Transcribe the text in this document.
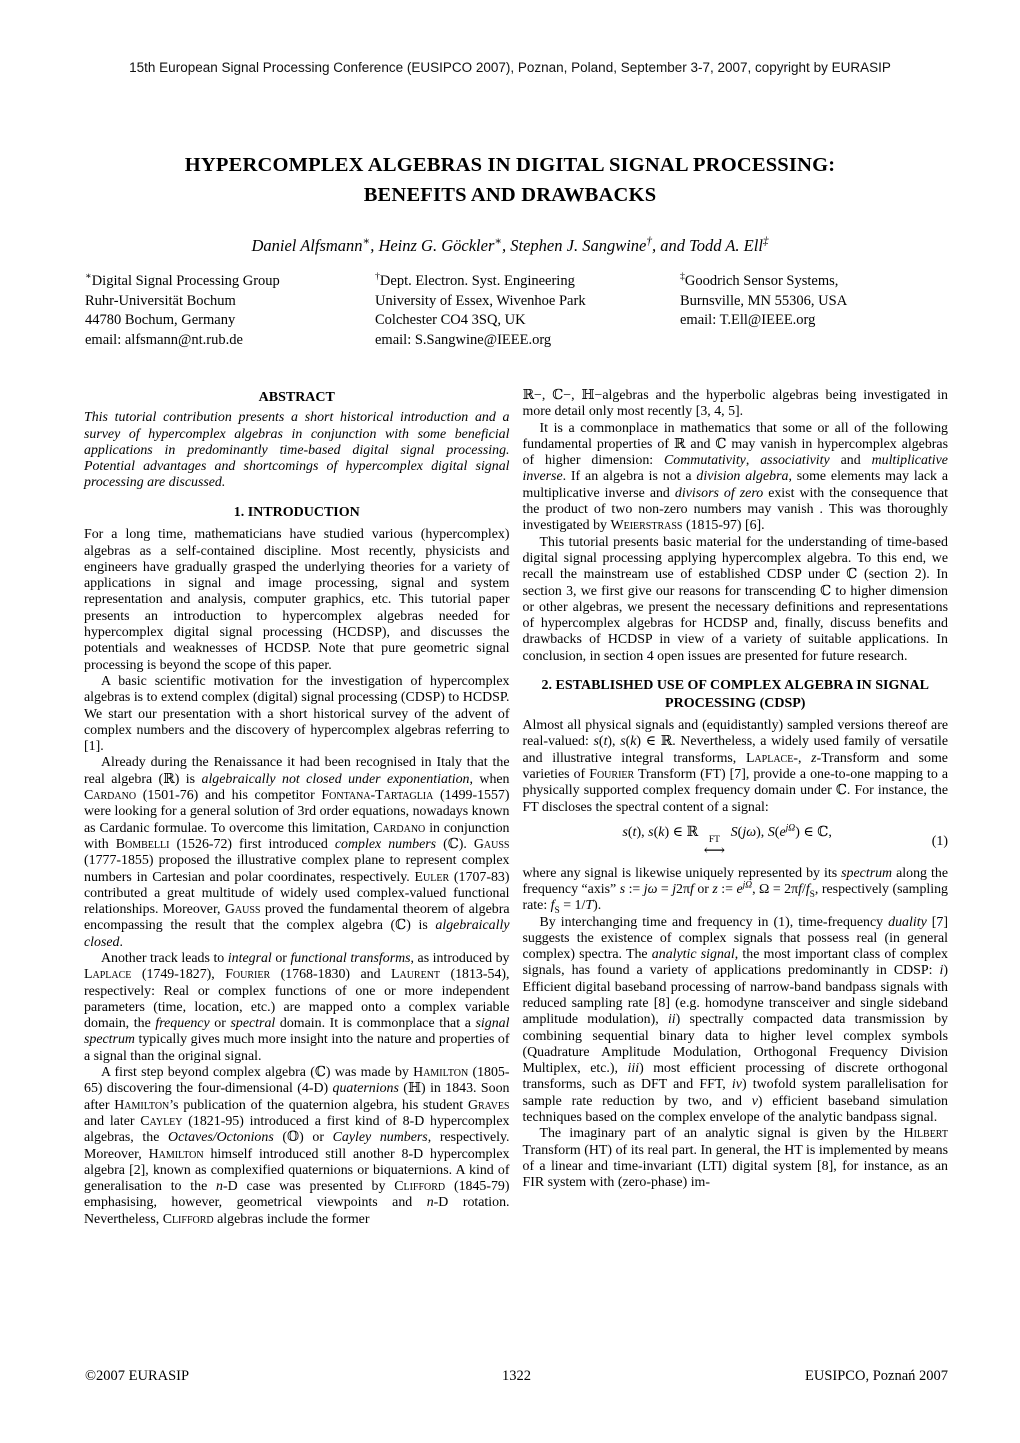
15th European Signal Processing Conference (EUSIPCO 2007), Poznan, Poland, September 3-7, 2007, copyright by EURASIP
HYPERCOMPLEX ALGEBRAS IN DIGITAL SIGNAL PROCESSING:
BENEFITS AND DRAWBACKS
Daniel Alfsmann∗, Heinz G. Göckler∗, Stephen J. Sangwine†, and Todd A. Ell‡
∗Digital Signal Processing Group
Ruhr-Universität Bochum
44780 Bochum, Germany
email: alfsmann@nt.rub.de
†Dept. Electron. Syst. Engineering
University of Essex, Wivenhoe Park
Colchester CO4 3SQ, UK
email: S.Sangwine@IEEE.org
‡Goodrich Sensor Systems,
Burnsville, MN 55306, USA
email: T.Ell@IEEE.org
ABSTRACT

This tutorial contribution presents a short historical introduction and a survey of hypercomplex algebras in conjunction with some beneficial applications in predominantly time-based digital signal processing. Potential advantages and shortcomings of hypercomplex digital signal processing are discussed.

1. INTRODUCTION

For a long time, mathematicians have studied various (hypercomplex) algebras as a self-contained discipline. Most recently, physicists and engineers have gradually grasped the underlying theories for a variety of applications in signal and image processing, signal and system representation and analysis, computer graphics, etc. This tutorial paper presents an introduction to hypercomplex algebras needed for hypercomplex digital signal processing (HCDSP), and discusses the potentials and weaknesses of HCDSP. Note that pure geometric signal processing is beyond the scope of this paper.

A basic scientific motivation for the investigation of hypercomplex algebras is to extend complex (digital) signal processing (CDSP) to HCDSP. We start our presentation with a short historical survey of the advent of complex numbers and the discovery of hypercomplex algebras referring to [1].

Already during the Renaissance it had been recognised in Italy that the real algebra (ℝ) is algebraically not closed under exponentiation, when Cardano (1501-76) and his competitor Fontana-Tartaglia (1499-1557) were looking for a general solution of 3rd order equations, nowadays known as Cardanic formulae. To overcome this limitation, Cardano in conjunction with Bombelli (1526-72) first introduced complex numbers (ℂ). Gauss (1777-1855) proposed the illustrative complex plane to represent complex numbers in Cartesian and polar coordinates, respectively. Euler (1707-83) contributed a great multitude of widely used complex-valued functional relationships. Moreover, Gauss proved the fundamental theorem of algebra encompassing the result that the complex algebra (ℂ) is algebraically closed.

Another track leads to integral or functional transforms, as introduced by Laplace (1749-1827), Fourier (1768-1830) and Laurent (1813-54), respectively: Real or complex functions of one or more independent parameters (time, location, etc.) are mapped onto a complex variable domain, the frequency or spectral domain. It is commonplace that a signal spectrum typically gives much more insight into the nature and properties of a signal than the original signal.

A first step beyond complex algebra (ℂ) was made by Hamilton (1805-65) discovering the four-dimensional (4-D) quaternions (ℍ) in 1843. Soon after Hamilton’s publication of the quaternion algebra, his student Graves and later Cayley (1821-95) introduced a first kind of 8-D hypercomplex algebras, the Octaves/Octonions (𝕆) or Cayley numbers, respectively. Moreover, Hamilton himself introduced still another 8-D hypercomplex algebra [2], known as complexified quaternions or biquaternions. A kind of generalisation to the n-D case was presented by Clifford (1845-79) emphasising, however, geometrical viewpoints and n-D rotation. Nevertheless, Clifford algebras include the former

ℝ−, ℂ−, ℍ−algebras and the hyperbolic algebras being investigated in more detail only most recently [3, 4, 5].

It is a commonplace in mathematics that some or all of the following fundamental properties of ℝ and ℂ may vanish in hypercomplex algebras of higher dimension: Commutativity, associativity and multiplicative inverse. If an algebra is not a division algebra, some elements may lack a multiplicative inverse and divisors of zero exist with the consequence that the product of two non-zero numbers may vanish . This was thoroughly investigated by Weierstrass (1815-97) [6].

This tutorial presents basic material for the understanding of time-based digital signal processing applying hypercomplex algebra. To this end, we recall the mainstream use of established CDSP under ℂ (section 2). In section 3, we first give our reasons for transcending ℂ to higher dimension or other algebras, we present the necessary definitions and representations of hypercomplex algebras for HCDSP and, finally, discuss benefits and drawbacks of HCDSP in view of a variety of suitable applications. In conclusion, in section 4 open issues are presented for future research.

2. ESTABLISHED USE OF COMPLEX ALGEBRA IN SIGNAL PROCESSING (CDSP)

Almost all physical signals and (equidistantly) sampled versions thereof are real-valued: s(t), s(k) ∈ ℝ. Nevertheless, a widely used family of versatile and illustrative integral transforms, Laplace-, z-Transform and some varieties of Fourier Transform (FT) [7], provide a one-to-one mapping to a physically supported complex frequency domain under ℂ. For instance, the FT discloses the spectral content of a signal:

s(t), s(k) ∈ ℝ
FT
⟷
S(jω), $S(e^{j\Omega})$ ∈ ℂ,
(1)

where any signal is likewise uniquely represented by its spectrum along the frequency “axis” s := jω = j2πf or z := $e^{j\Omega}$, $\Omega = 2\pi f/f_S$, respectively (sampling rate: $f_S = 1/T$).

By interchanging time and frequency in (1), time-frequency duality [7] suggests the existence of complex signals that possess real (in general complex) spectra. The analytic signal, the most important class of complex signals, has found a variety of applications predominantly in CDSP: i) Efficient digital baseband processing of narrow-band bandpass signals with reduced sampling rate [8] (e.g. homodyne transceiver and single sideband amplitude modulation), ii) spectrally compacted data transmission by combining sequential binary data to higher level complex symbols (Quadrature Amplitude Modulation, Orthogonal Frequency Division Multiplex, etc.), iii) most efficient processing of discrete orthogonal transforms, such as DFT and FFT, iv) twofold system parallelisation for sample rate reduction by two, and v) efficient baseband simulation techniques based on the complex envelope of the analytic bandpass signal.

The imaginary part of an analytic signal is given by the Hilbert Transform (HT) of its real part. In general, the HT is implemented by means of a linear and time-invariant (LTI) digital system [8], for instance, as an FIR system with (zero-phase) im-

©2007 EURASIP	1322	EUSIPCO, Poznań 2007
